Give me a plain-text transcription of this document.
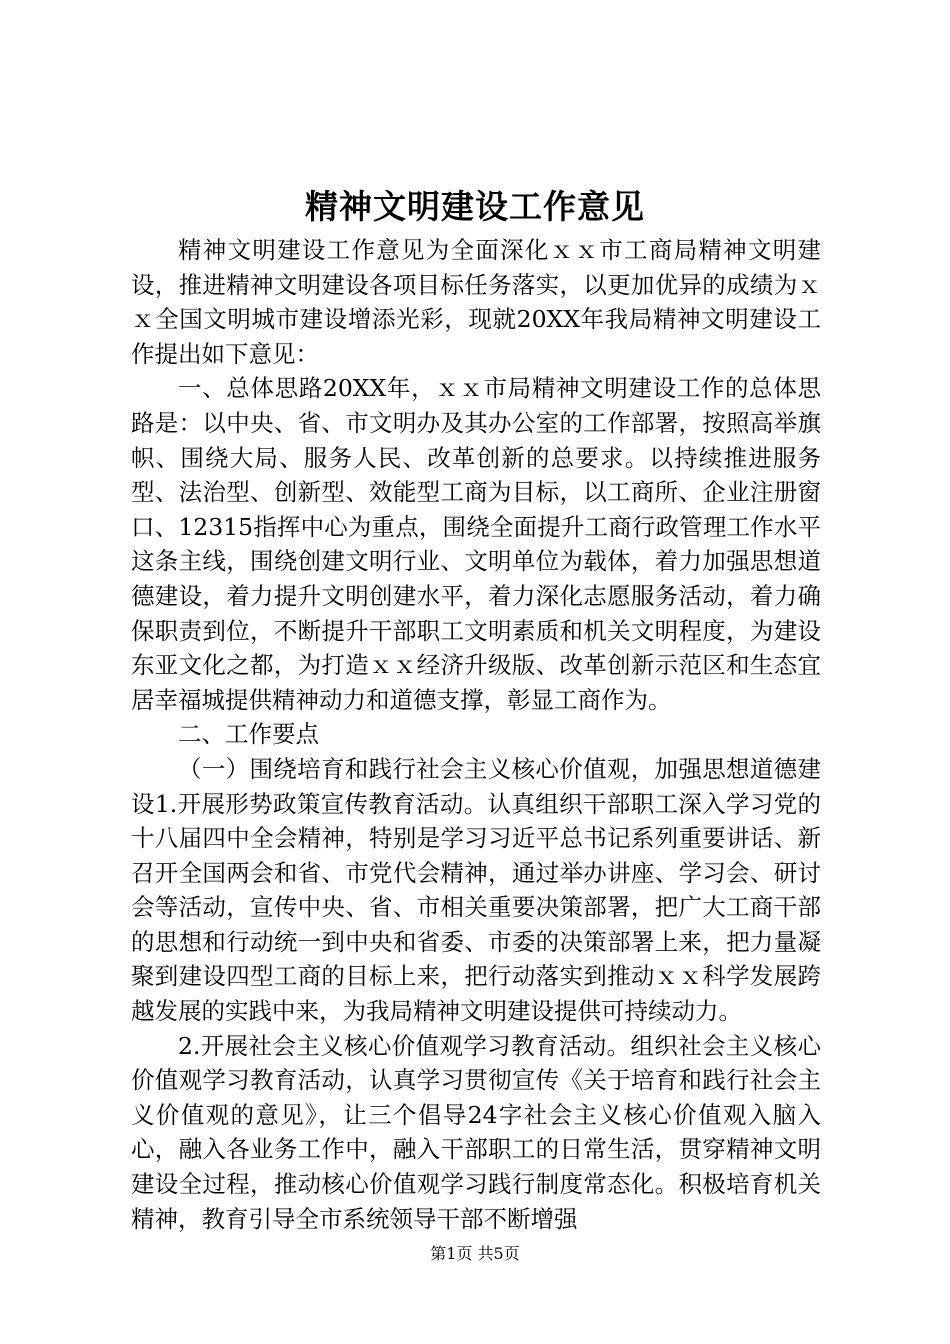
精神文明建设工作意见

精神文明建设工作意见为全面深化ｘｘ市工商局精神文明建设，推进精神文明建设各项目标任务落实，以更加优异的成绩为ｘｘ全国文明城市建设增添光彩，现就20XX年我局精神文明建设工作提出如下意见：

一、总体思路20XX年，ｘｘ市局精神文明建设工作的总体思路是：以中央、省、市文明办及其办公室的工作部署，按照高举旗帜、围绕大局、服务人民、改革创新的总要求。以持续推进服务型、法治型、创新型、效能型工商为目标，以工商所、企业注册窗口、12315指挥中心为重点，围绕全面提升工商行政管理工作水平这条主线，围绕创建文明行业、文明单位为载体，着力加强思想道德建设，着力提升文明创建水平，着力深化志愿服务活动，着力确保职责到位，不断提升干部职工文明素质和机关文明程度，为建设东亚文化之都，为打造ｘｘ经济升级版、改革创新示范区和生态宜居幸福城提供精神动力和道德支撑，彰显工商作为。

二、工作要点

（一）围绕培育和践行社会主义核心价值观，加强思想道德建设1.开展形势政策宣传教育活动。认真组织干部职工深入学习党的十八届四中全会精神，特别是学习习近平总书记系列重要讲话、新召开全国两会和省、市党代会精神，通过举办讲座、学习会、研讨会等活动，宣传中央、省、市相关重要决策部署，把广大工商干部的思想和行动统一到中央和省委、市委的决策部署上来，把力量凝聚到建设四型工商的目标上来，把行动落实到推动ｘｘ科学发展跨越发展的实践中来，为我局精神文明建设提供可持续动力。

2.开展社会主义核心价值观学习教育活动。组织社会主义核心价值观学习教育活动，认真学习贯彻宣传《关于培育和践行社会主义价值观的意见》，让三个倡导24字社会主义核心价值观入脑入心，融入各业务工作中，融入干部职工的日常生活，贯穿精神文明建设全过程，推动核心价值观学习践行制度常态化。积极培育机关精神，教育引导全市系统领导干部不断增强

第1页 共5页
